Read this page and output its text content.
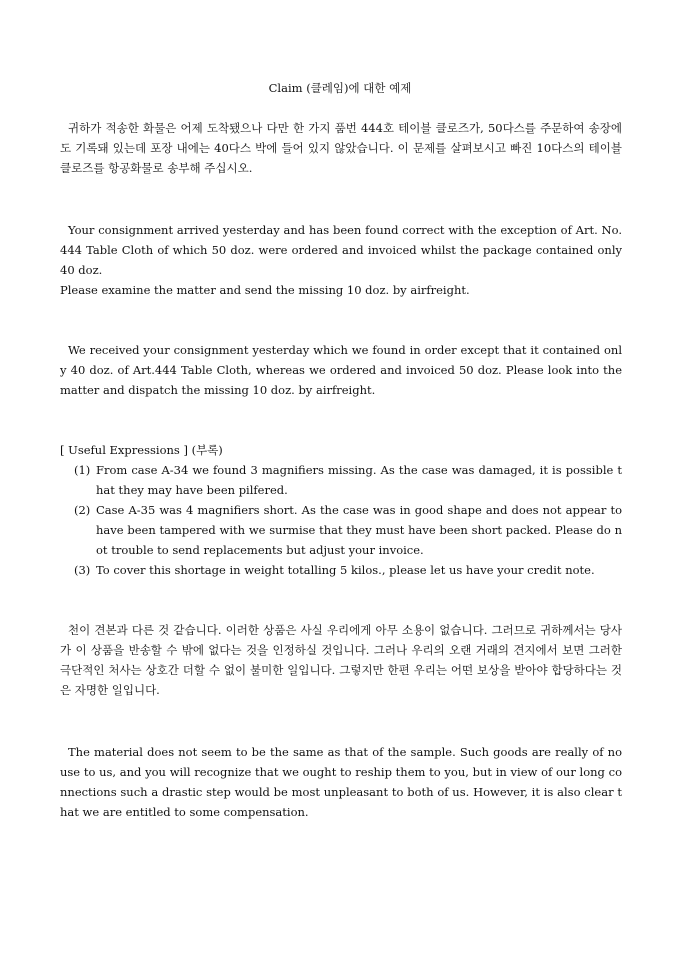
Claim (클레임)에 대한 예제

귀하가 적송한 화물은 어제 도착됐으나 다만 한 가지 품번 444호 테이블 클로즈가, 50다스를 주문하여 송장에도 기록돼 있는데 포장 내에는 40다스 박에 들어 있지 않았습니다. 이 문제를 살펴보시고 빠진 10다스의 테이블 클로즈를 항공화물로 송부해 주십시오.

Your consignment arrived yesterday and has been found correct with the exception of Art. No.444 Table Cloth of which 50 doz. were ordered and invoiced whilst the package contained only 40 doz.

Please examine the matter and send the missing 10 doz. by airfreight.

We received your consignment yesterday which we found in order except that it contained only 40 doz. of Art.444 Table Cloth, whereas we ordered and invoiced 50 doz. Please look into the matter and dispatch the missing 10 doz. by airfreight.

[ Useful Expressions ] (부록)

(1) From case A-34 we found 3 magnifiers missing. As the case was damaged, it is possible that they may have been pilfered.
(2) Case A-35 was 4 magnifiers short. As the case was in good shape and does not appear to have been tampered with we surmise that they must have been short packed. Please do not trouble to send replacements but adjust your invoice.
(3) To cover this shortage in weight totalling 5 kilos., please let us have your credit note.

천이 견본과 다른 것 같습니다. 이러한 상품은 사실 우리에게 아무 소용이 없습니다. 그러므로 귀하께서는 당사가 이 상품을 반송할 수 밖에 없다는 것을 인정하실 것입니다. 그러나 우리의 오랜 거래의 견지에서 보면 그러한 극단적인 처사는 상호간 더할 수 없이 불미한 일입니다. 그렇지만 한편 우리는 어떤 보상을 받아야 합당하다는 것은 자명한 일입니다.

The material does not seem to be the same as that of the sample. Such goods are really of no use to us, and you will recognize that we ought to reship them to you, but in view of our long connections such a drastic step would be most unpleasant to both of us. However, it is also clear that we are entitled to some compensation.
